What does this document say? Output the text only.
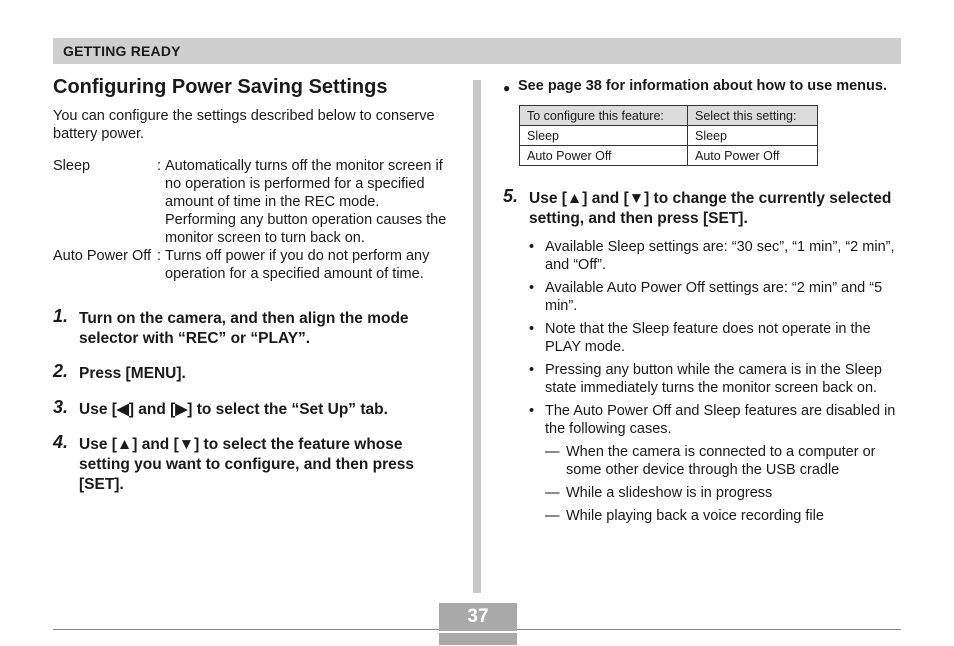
GETTING READY
Configuring Power Saving Settings

You can configure the settings described below to conserve battery power.

Sleep	: Automatically turns off the monitor screen if no operation is performed for a specified amount of time in the REC mode. Performing any button operation causes the monitor screen to turn back on.
Auto Power Off : Turns off power if you do not perform any operation for a specified amount of time.
1. Turn on the camera, and then align the mode selector with “REC” or “PLAY”.
2. Press [MENU].
3. Use [◀] and [▶] to select the “Set Up” tab.
4. Use [▲] and [▼] to select the feature whose setting you want to configure, and then press [SET].
● See page 38 for information about how to use menus.
To configure this feature:	Select this setting:
Sleep	Sleep
Auto Power Off	Auto Power Off
5. Use [▲] and [▼] to change the currently selected setting, and then press [SET].
• Available Sleep settings are: “30 sec”, “1 min”, “2 min”, and “Off”.
• Available Auto Power Off settings are: “2 min” and “5 min”.
• Note that the Sleep feature does not operate in the PLAY mode.
• Pressing any button while the camera is in the Sleep state immediately turns the monitor screen back on.
• The Auto Power Off and Sleep features are disabled in the following cases.
— When the camera is connected to a computer or some other device through the USB cradle
— While a slideshow is in progress
— While playing back a voice recording file
37
